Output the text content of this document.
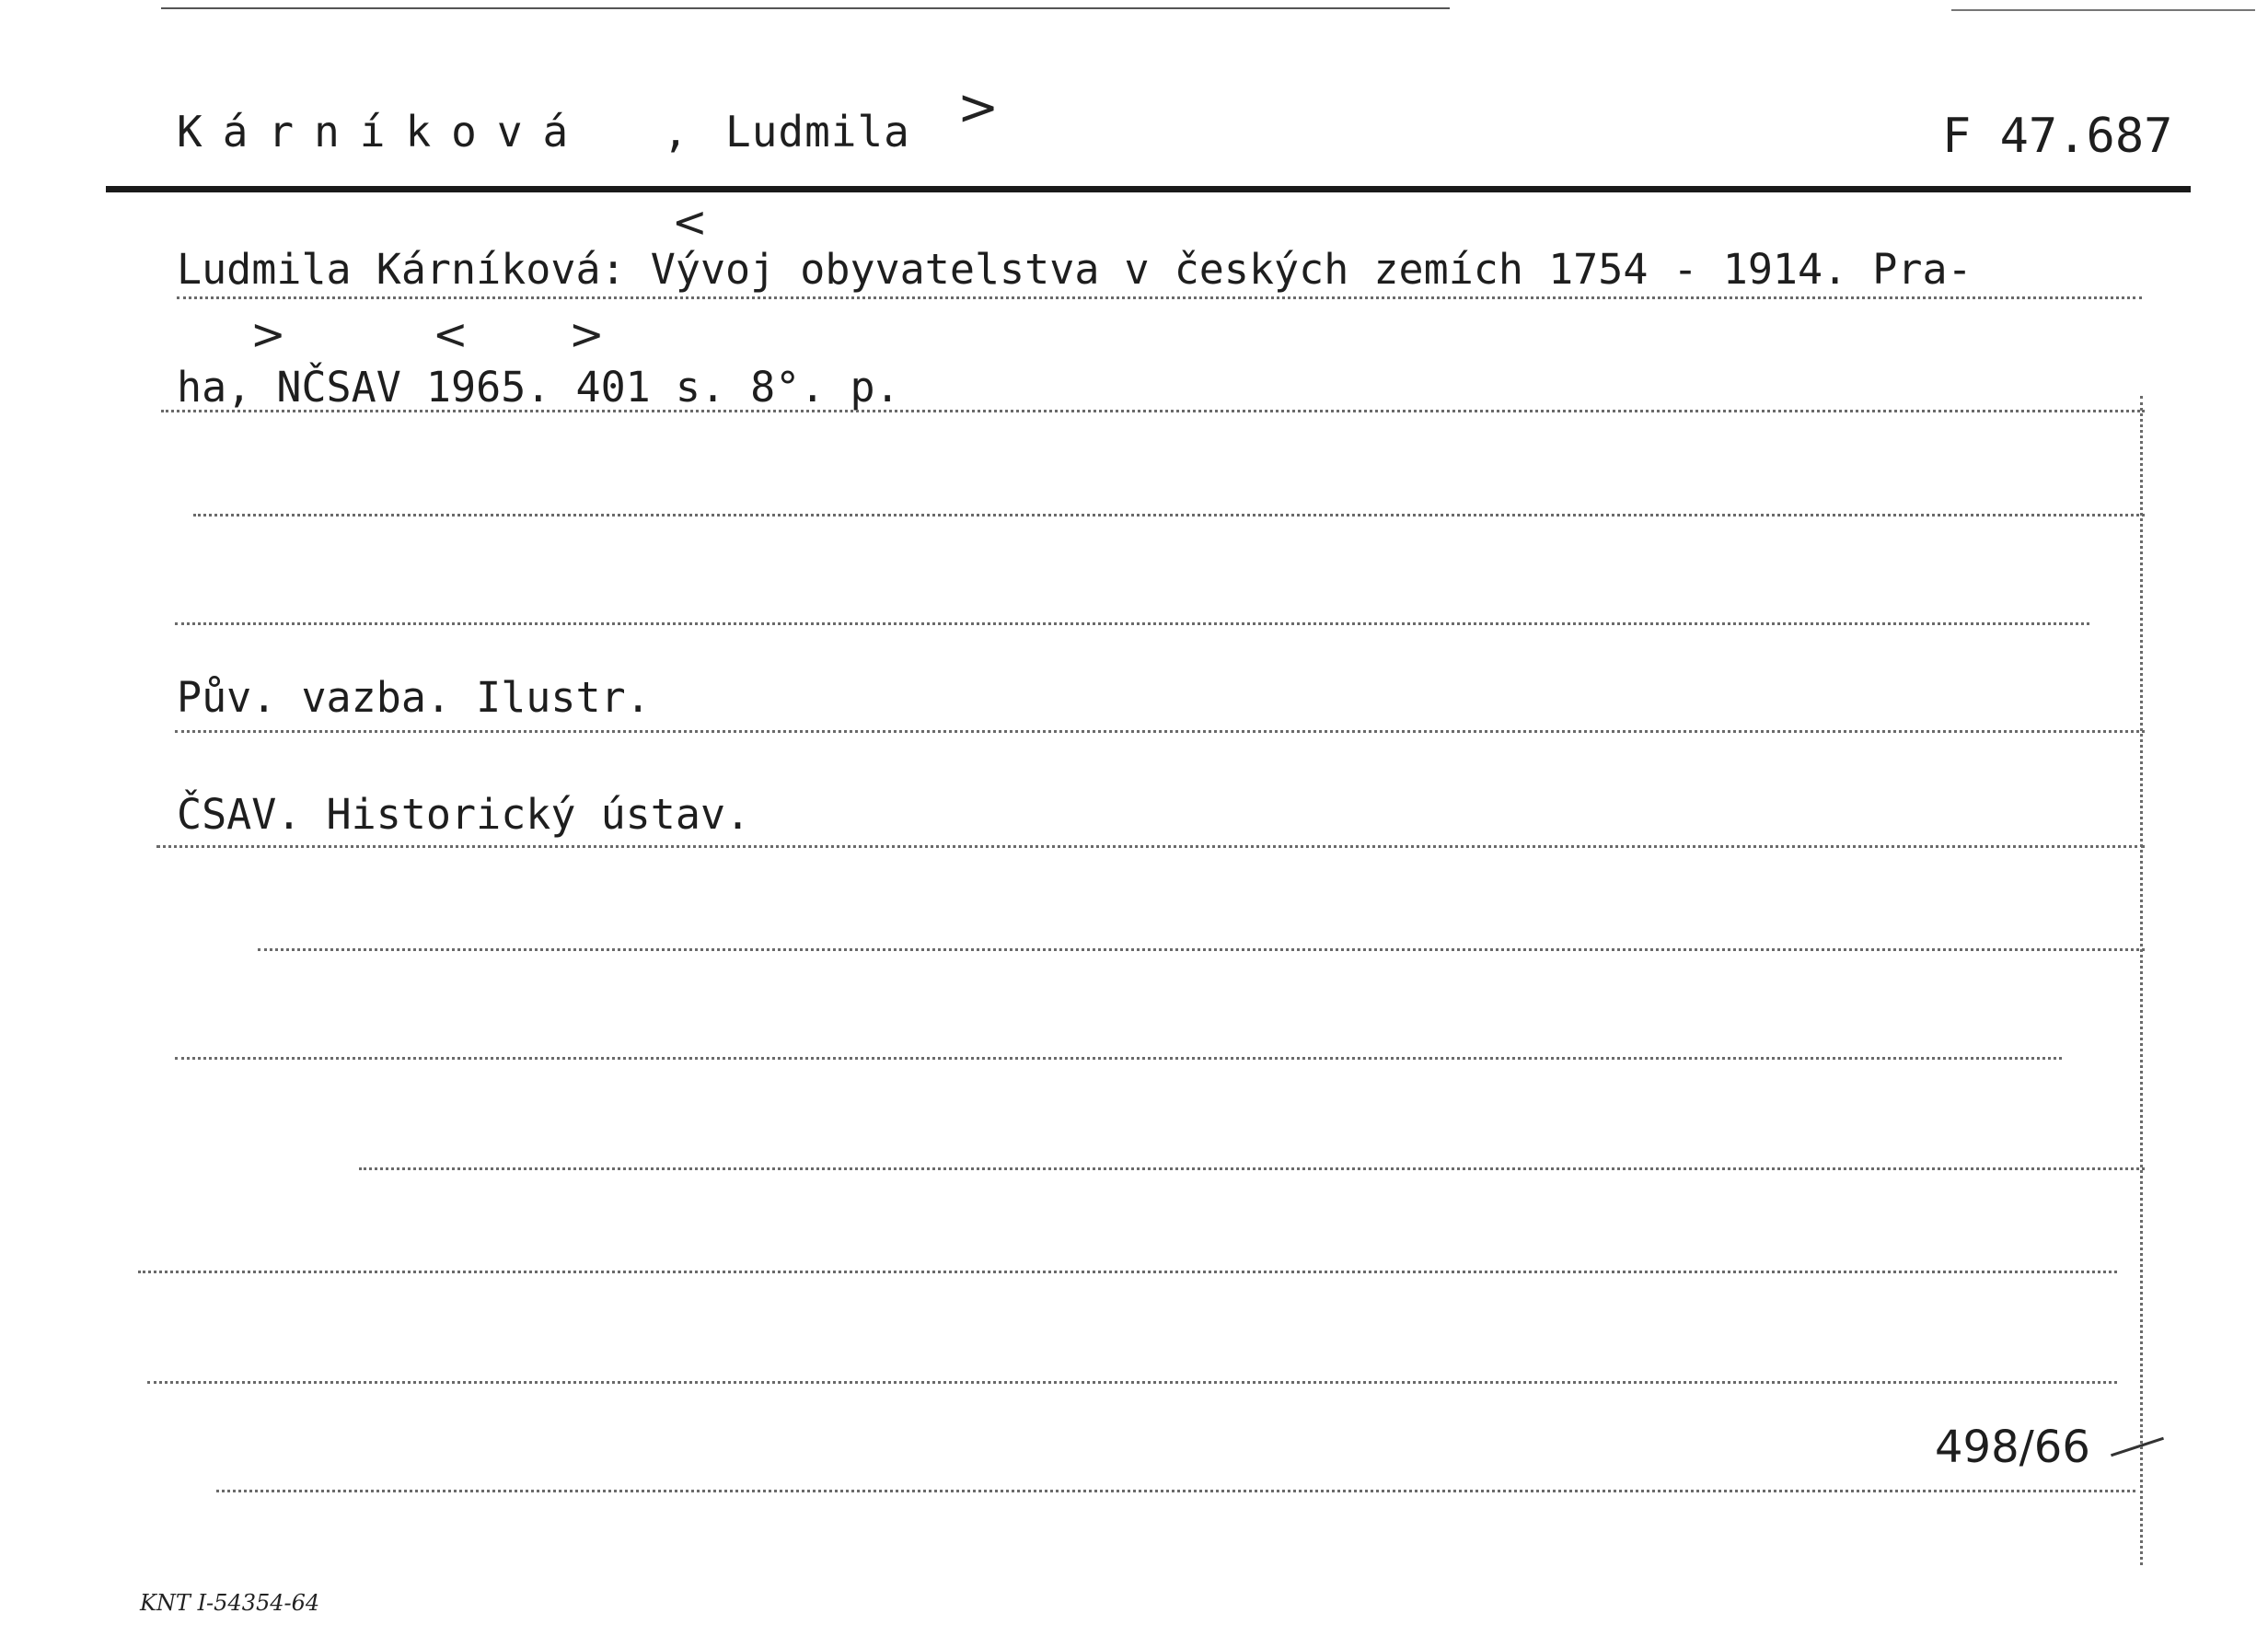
Kárníková , Ludmila >	F 47.687
<
Ludmila Kárníková: Vývoj obyvatelstva v českých zemích 1754 - 1914. Pra-
>	< >
ha, NČSAV 1965. 401 s. 8°. p.
Pův. vazba. Ilustr.
ČSAV. Historický ústav.
498/66
KNT I-54354-64
